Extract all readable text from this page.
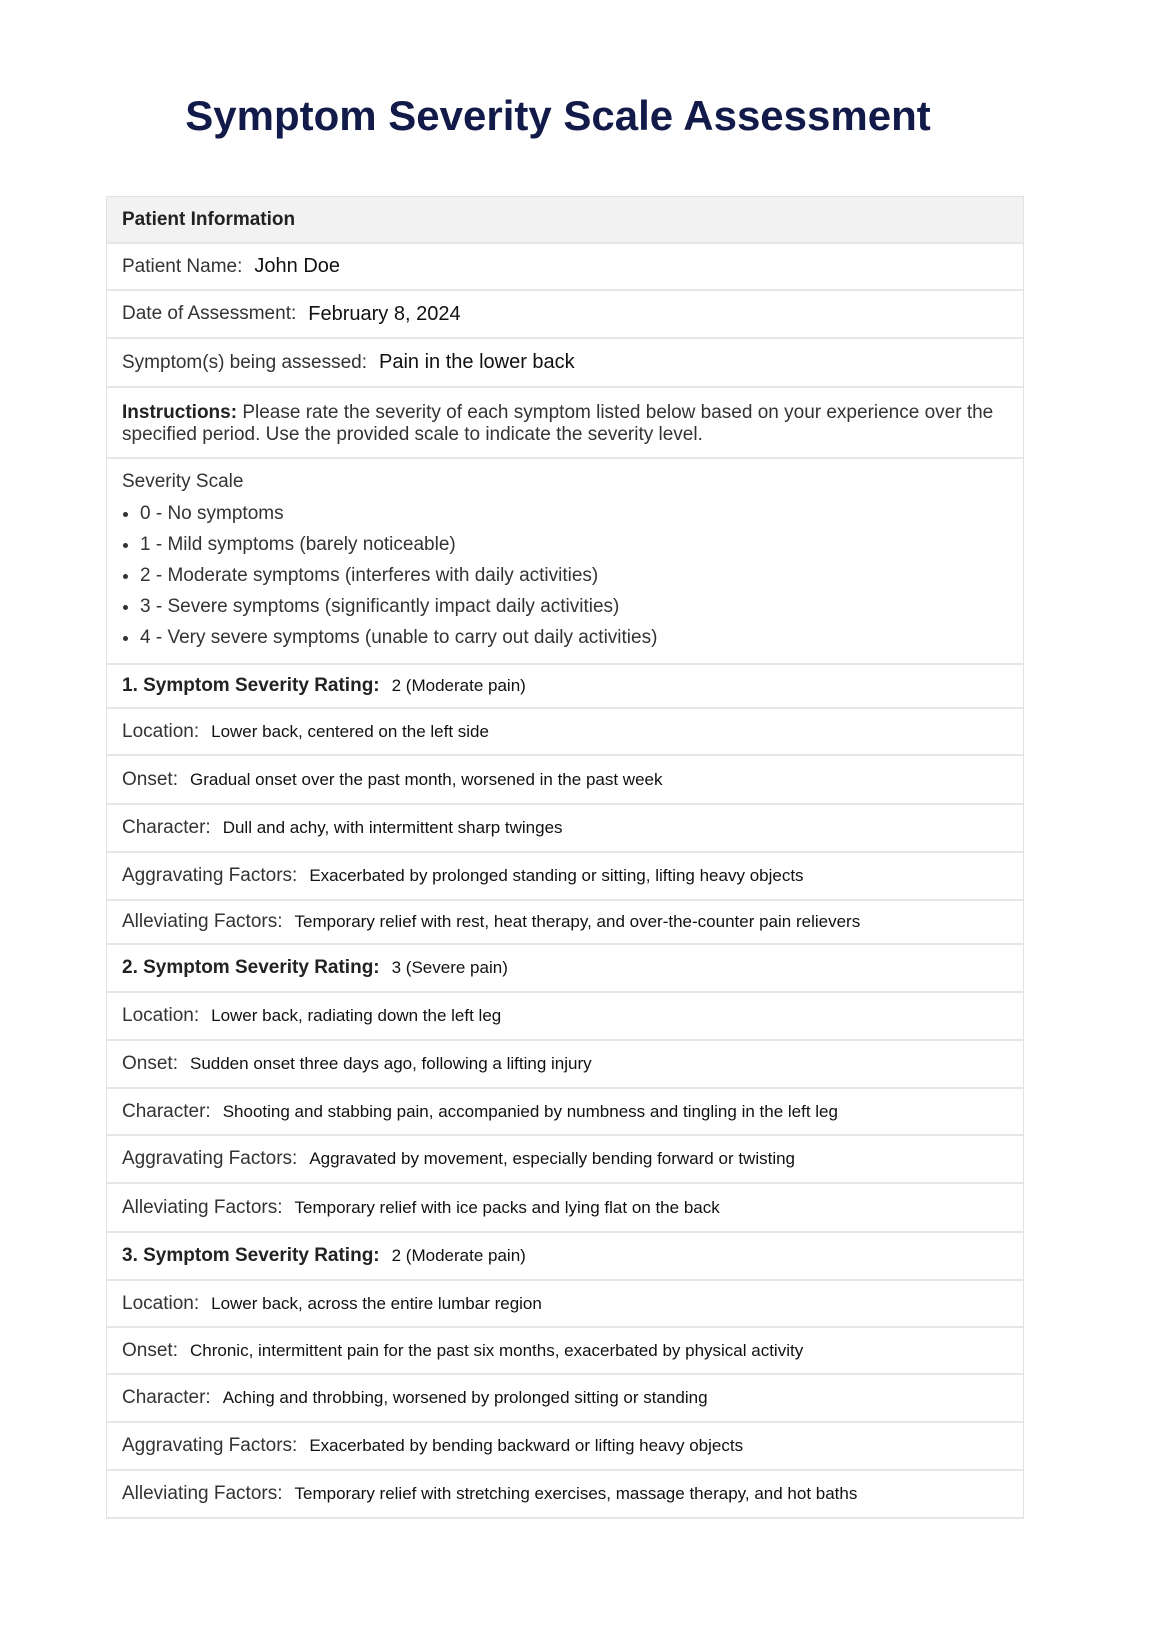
Symptom Severity Scale Assessment
Patient Information
Patient Name: John Doe
Date of Assessment: February 8, 2024
Symptom(s) being assessed: Pain in the lower back
Instructions: Please rate the severity of each symptom listed below based on your experience over the specified period. Use the provided scale to indicate the severity level.
Severity Scale
• 0 - No symptoms
• 1 - Mild symptoms (barely noticeable)
• 2 - Moderate symptoms (interferes with daily activities)
• 3 - Severe symptoms (significantly impact daily activities)
• 4 - Very severe symptoms (unable to carry out daily activities)
1. Symptom Severity Rating: 2 (Moderate pain)
Location: Lower back, centered on the left side
Onset: Gradual onset over the past month, worsened in the past week
Character: Dull and achy, with intermittent sharp twinges
Aggravating Factors: Exacerbated by prolonged standing or sitting, lifting heavy objects
Alleviating Factors: Temporary relief with rest, heat therapy, and over-the-counter pain relievers
2. Symptom Severity Rating: 3 (Severe pain)
Location: Lower back, radiating down the left leg
Onset: Sudden onset three days ago, following a lifting injury
Character: Shooting and stabbing pain, accompanied by numbness and tingling in the left leg
Aggravating Factors: Aggravated by movement, especially bending forward or twisting
Alleviating Factors: Temporary relief with ice packs and lying flat on the back
3. Symptom Severity Rating: 2 (Moderate pain)
Location: Lower back, across the entire lumbar region
Onset: Chronic, intermittent pain for the past six months, exacerbated by physical activity
Character: Aching and throbbing, worsened by prolonged sitting or standing
Aggravating Factors: Exacerbated by bending backward or lifting heavy objects
Alleviating Factors: Temporary relief with stretching exercises, massage therapy, and hot baths
